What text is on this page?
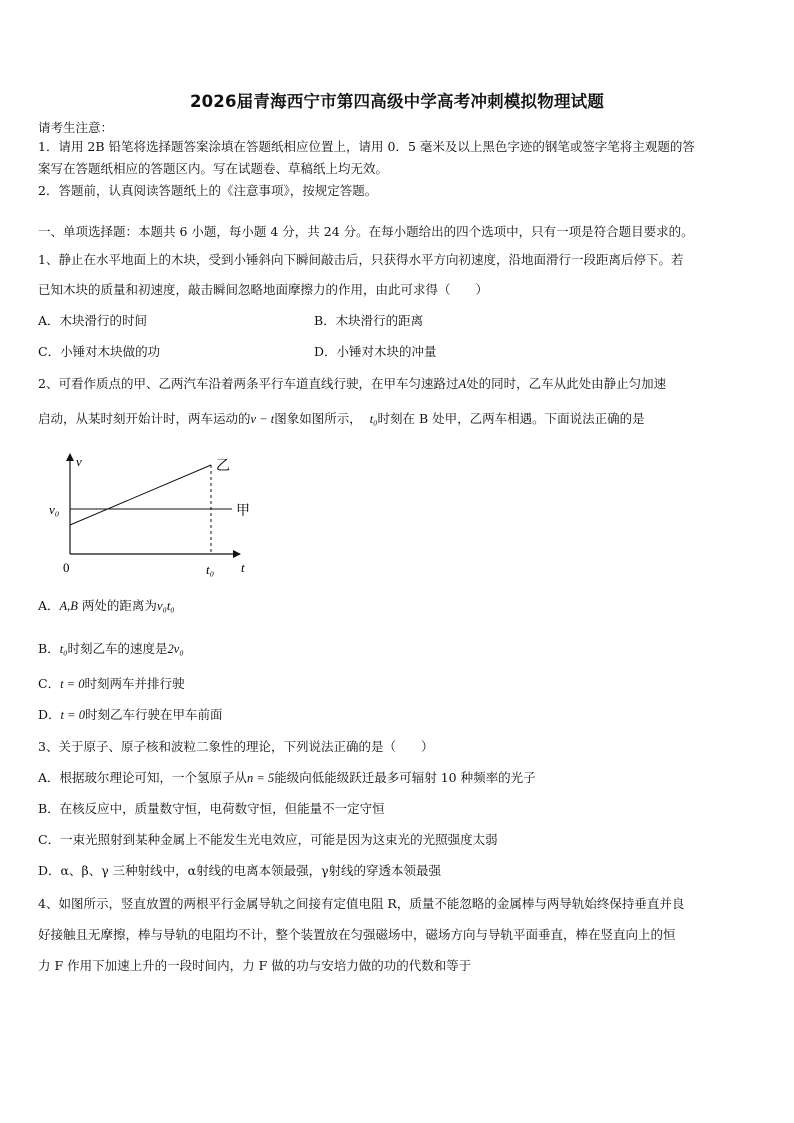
2026届青海西宁市第四高级中学高考冲刺模拟物理试题
请考生注意：
1．请用 2B 铅笔将选择题答案涂填在答题纸相应位置上，请用 0．5 毫米及以上黑色字迹的钢笔或签字笔将主观题的答
案写在答题纸相应的答题区内。写在试题卷、草稿纸上均无效。
2．答题前，认真阅读答题纸上的《注意事项》，按规定答题。
一、单项选择题：本题共 6 小题，每小题 4 分，共 24 分。在每小题给出的四个选项中，只有一项是符合题目要求的。
1、静止在水平地面上的木块，受到小锤斜向下瞬间敲击后，只获得水平方向初速度，沿地面滑行一段距离后停下。若
已知木块的质量和初速度，敲击瞬间忽略地面摩擦力的作用，由此可求得（　　）
A．木块滑行的时间	B．木块滑行的距离
C．小锤对木块做的功	D．小锤对木块的冲量
2、可看作质点的甲、乙两汽车沿着两条平行车道直线行驶，在甲车匀速路过A处的同时，乙车从此处由静止匀加速
启动，从某时刻开始计时，两车运动的v − t图象如图所示， t₀时刻在 B 处甲，乙两车相遇。下面说法正确的是
v
t
0
v₀
t₀
甲
乙
A．A,B 两处的距离为v₀t₀
B．t₀时刻乙车的速度是2v₀
C．t = 0时刻两车并排行驶
D．t = 0时刻乙车行驶在甲车前面
3、关于原子、原子核和波粒二象性的理论，下列说法正确的是（　　）
A．根据玻尔理论可知，一个氢原子从n = 5能级向低能级跃迁最多可辐射 10 种频率的光子
B．在核反应中，质量数守恒，电荷数守恒，但能量不一定守恒
C．一束光照射到某种金属上不能发生光电效应，可能是因为这束光的光照强度太弱
D．α、β、γ 三种射线中，α射线的电离本领最强，γ射线的穿透本领最强
4、如图所示，竖直放置的两根平行金属导轨之间接有定值电阻 R，质量不能忽略的金属棒与两导轨始终保持垂直并良
好接触且无摩擦，棒与导轨的电阻均不计，整个装置放在匀强磁场中，磁场方向与导轨平面垂直，棒在竖直向上的恒
力 F 作用下加速上升的一段时间内，力 F 做的功与安培力做的功的代数和等于
